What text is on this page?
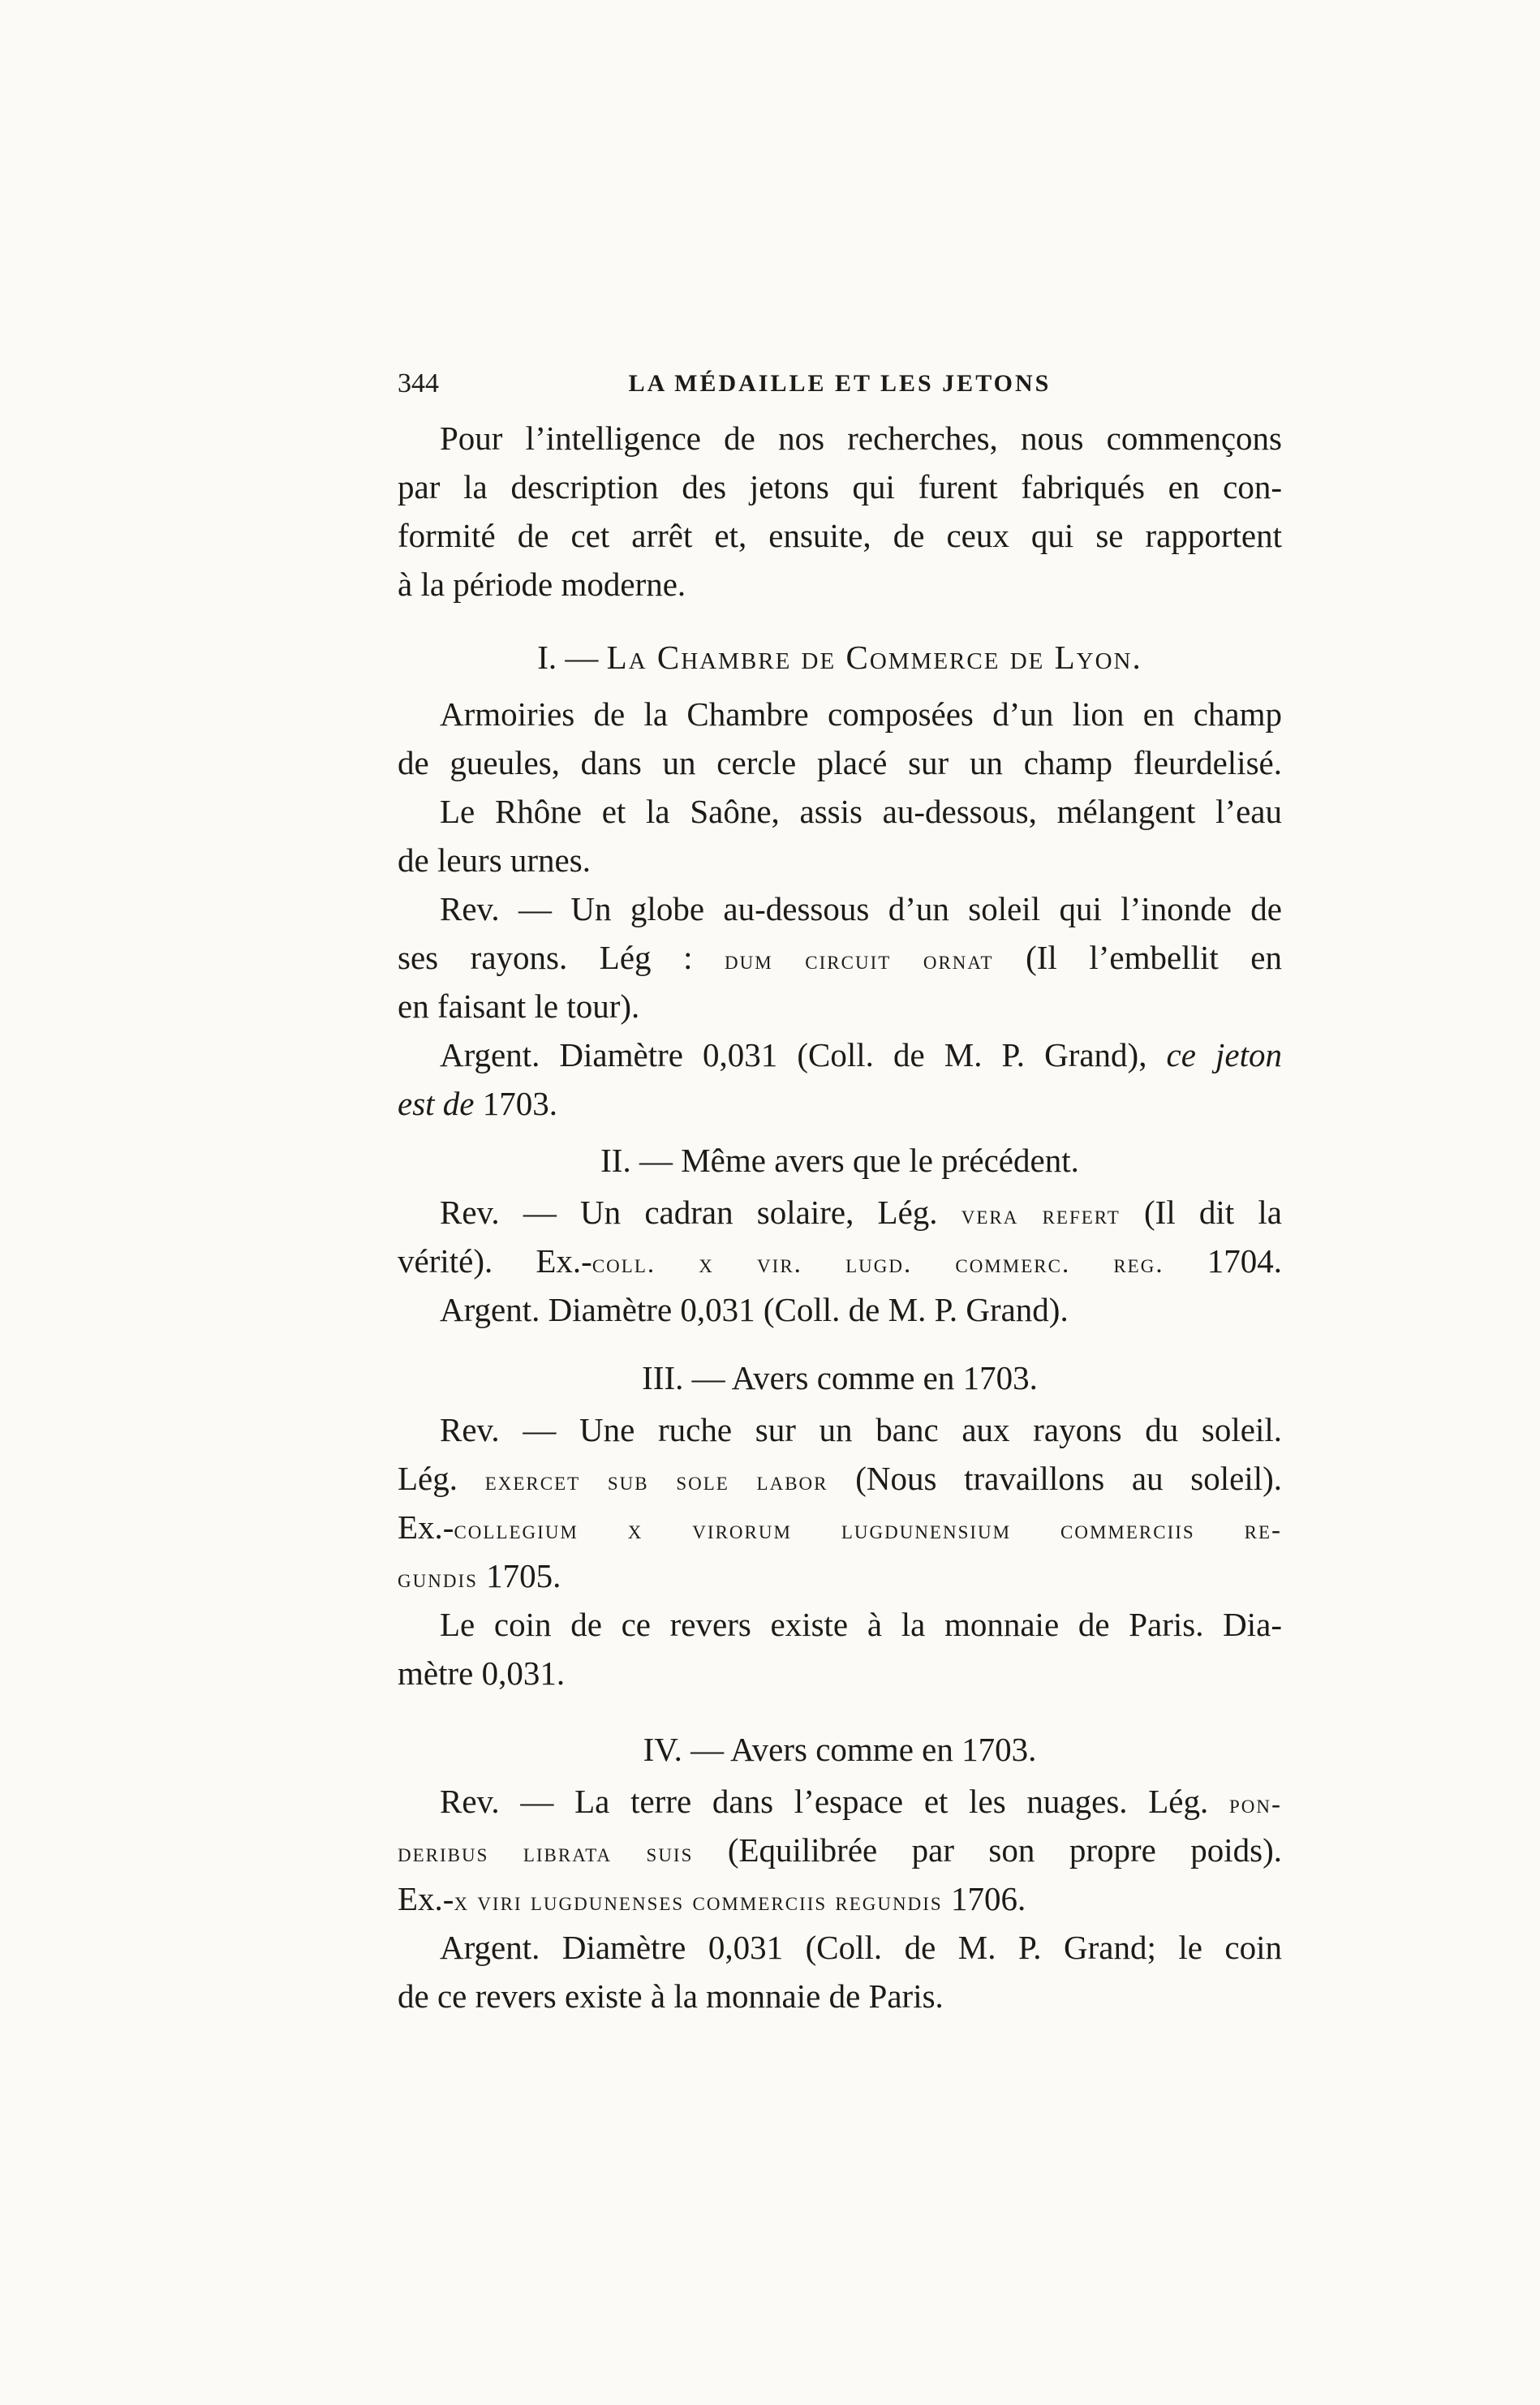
344	LA MÉDAILLE ET LES JETONS
Pour l’intelligence de nos recherches, nous commençons
par la description des jetons qui furent fabriqués en con-
formité de cet arrêt et, ensuite, de ceux qui se rapportent
à la période moderne.
I. — La Chambre de Commerce de Lyon.
Armoiries de la Chambre composées d’un lion en champ
de gueules, dans un cercle placé sur un champ fleurdelisé.
Le Rhône et la Saône, assis au-dessous, mélangent l’eau
de leurs urnes.
Rev. — Un globe au-dessous d’un soleil qui l’inonde de
ses rayons. Lég : dum circuit ornat (Il l’embellit en
en faisant le tour).
Argent. Diamètre 0,031 (Coll. de M. P. Grand), ce jeton
est de 1703.
II. — Même avers que le précédent.
Rev. — Un cadran solaire, Lég. vera refert (Il dit la
vérité). Ex.-coll. x vir. lugd. commerc. reg. 1704.
Argent. Diamètre 0,031 (Coll. de M. P. Grand).
III. — Avers comme en 1703.
Rev. — Une ruche sur un banc aux rayons du soleil.
Lég. exercet sub sole labor (Nous travaillons au soleil).
Ex.-collegium x virorum lugdunensium commerciis re-
gundis 1705.
Le coin de ce revers existe à la monnaie de Paris. Dia-
mètre 0,031.
IV. — Avers comme en 1703.
Rev. — La terre dans l’espace et les nuages. Lég. pon-
deribus librata suis (Equilibrée par son propre poids).
Ex.-x viri lugdunenses commerciis regundis 1706.
Argent. Diamètre 0,031 (Coll. de M. P. Grand; le coin
de ce revers existe à la monnaie de Paris.
